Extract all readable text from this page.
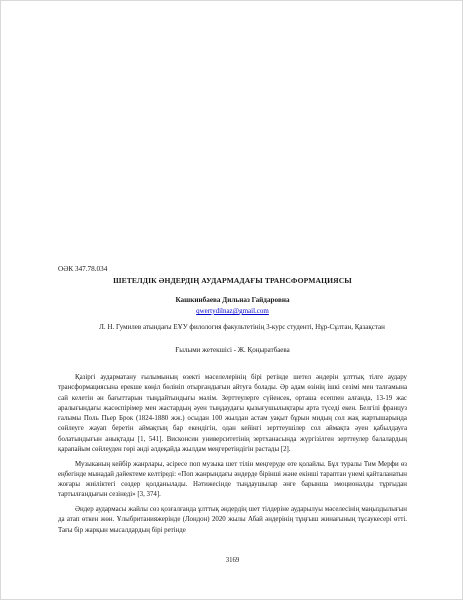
ОӘК 347.78.034
ШЕТЕЛДІК ӘНДЕРДІҢ АУДАРМАДАҒЫ ТРАНСФОРМАЦИЯСЫ
Кашкинбаева Дильназ Гайдаровна
qwertydilnaz@gmail.com
Л. Н. Гумилев атындағы ЕҰУ филология факультетінің 3-курс студенті, Нұр-Сұлтан, Қазақстан
Ғылыми жетекшісі - Ж. Қоңыратбаева

Қазіргі аударматану ғылымының өзекті мәселелерінің бірі ретінде шетел әндерін ұлттық тілге аудару трансформациясына ерекше көңіл бөлініп отырғандығын айтуға болады. Әр адам өзінің ішкі сезімі мен талғамына сай келетін ән бағыттарын тыңдайтындығы мәлім. Зерттеулерге сүйенсек, орташа есеппен алғанда, 13-19 жас аралығындағы жасөспірімер мен жастардың әуен тыңдаудағы қызығушылықтары арта түседі екен. Белгілі француз ғалымы Поль Пьер Брок (1824-1880 жж.) осыдан 100 жылдан астам уақыт бұрын мидың сол жақ жартышарында сөйлеуге жауап беретін аймақтың бар екендігін, одан кейінгі зерттеушілер сол аймақта әуен қабылдауға болатындығын анықтады [1, 541]. Висконсин университетінің зертханасында жүргізілген зерттеулер балалардың қарапайым сөйлеуден гөрі әнді әлдеқайда жылдам меңгеретіндігін растады [2].

Музыканың кейбір жанрлары, әсіресе поп музыка шет тілін меңгеруде өте қолайлы. Бұл туралы Тим Мерфи өз еңбегінде мынадай дәйектеме келтіреді: «Поп жанрындағы әндерде бірінші және екінші тараптан үнемі қайталанатын жоғары жиіліктегі сөздер қолданылады. Нәтижесінде тыңдаушылар әнге барынша эмоционалды тұрғыдан тартылғандығын сезінеді» [3, 374].

Әндер аудармасы жайлы сөз қозғалғанда ұлттық әндердің шет тілдеріне аударылуы мәселесінің маңыздылығын да атап өткен жөн. Ұлыбританияжерінде (Лондон) 2020 жылы Абай әндерінің тұңғыш жинағының тұсаукесері өтті. Тағы бір жарқын мысалдардың бірі ретінде

3169
